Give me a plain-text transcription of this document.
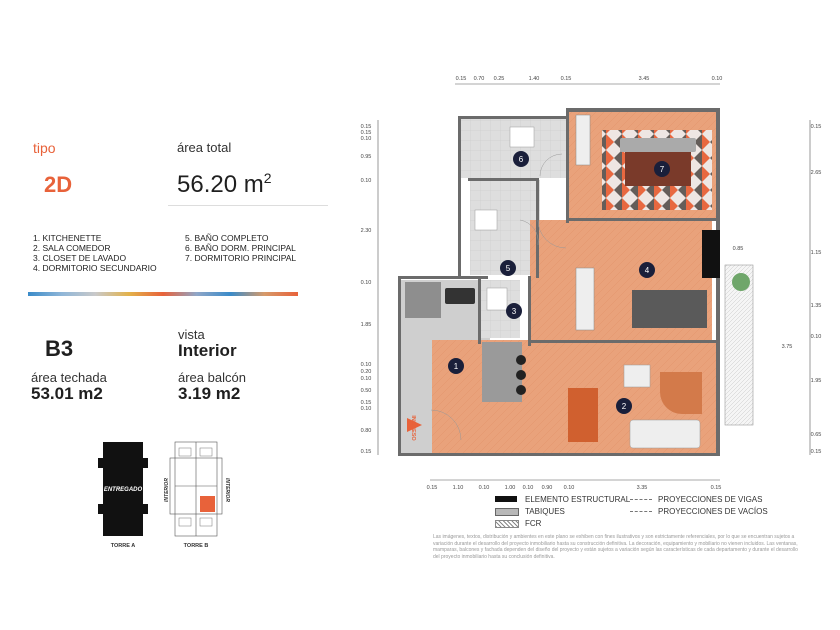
tipo
2D
área total
56.20 $m^2$
1. KITCHENETTE
2. SALA COMEDOR
3. CLOSET DE LAVADO
4. DORMITORIO SECUNDARIO
5. BAÑO COMPLETO
6. BAÑO DORM. PRINCIPAL
7. DORMITORIO PRINCIPAL
B3
vista
Interior
área techada
53.01 m2
área balcón
3.19 m2
ENTREGADO
TORRE A
INTERIOR	INTERIOR
TORRE B
0.15 0.70 0.25	1.40	0.15	3.45	0.10
0.15	1.10	0.10	1.00 0.10 0.90 0.10	3.35	0.15
0.15
0.15
0.10
0.95
0.10
2.30
0.10
1.85
0.10
0.20
0.10
0.50
0.15
0.10
0.80
0.15
0.15
2.65
0.85
1.15
1.35
0.10
3.75
1.95
0.65
0.15
INGRESO
1
2
3
4
5
6
7
ELEMENTO ESTRUCTURAL
TABIQUES
FCR
PROYECCIONES DE VIGAS
PROYECCIONES DE VACÍOS
Las imágenes, textos, distribución y ambientes en este plano se exhiben con fines ilustrativos y son estrictamente referenciales, por lo que se encuentran sujetos a variación durante el desarrollo del proyecto inmobiliario hasta su construcción definitiva. La decoración, equipamiento y mobiliario no vienen incluidos. Las ventanas, mamparas, balcones y fachada dependen del diseño del proyecto y están sujetos a variación según las características de cada departamento y durante el desarrollo del proyecto inmobiliario hasta su conclusión definitiva.
